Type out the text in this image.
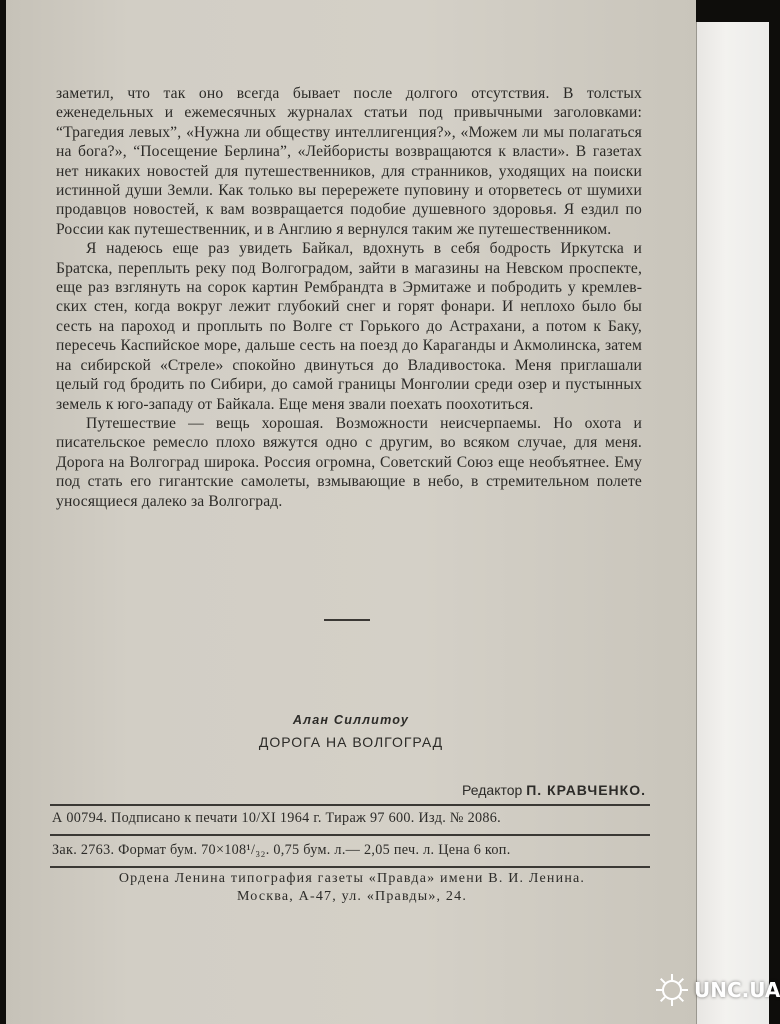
заметил, что так оно всегда бывает после долгого отсутствия. В толстых еженедельных и ежемесячных журналах статьи под привычными заголовками: “Трагедия левых”, «Нужна ли обществу интеллигенция?», «Можем ли мы полагаться на бога?», “Посещение Берлина”, «Лейбористы возвращаются к власти». В газетах нет никаких новостей для путешественников, для странников, уходящих на поиски истинной души Земли. Как только вы перережете пуповину и оторветесь от шумихи продавцов новостей, к вам возвращается подобие душевного здоровья. Я ездил по России как путешественник, и в Англию я вернулся таким же путешественником.

Я надеюсь еще раз увидеть Байкал, вдохнуть в себя бодрость Иркутска и Братска, переплыть реку под Волгоградом, зайти в магазины на Невском проспекте, еще раз взглянуть на сорок картин Рембрандта в Эрмитаже и побродить у кремлевских стен, когда вокруг лежит глубокий снег и горят фонари. И неплохо было бы сесть на пароход и проплыть по Волге ст Горького до Астрахани, а потом к Баку, пересечь Каспийское море, дальше сесть на поезд до Караганды и Акмолинска, затем на сибирской «Стреле» спокойно двинуться до Владивостока. Меня приглашали целый год бродить по Сибири, до самой границы Монголии среди озер и пустынных земель к юго-западу от Байкала. Еще меня звали поехать поохотиться.

Путешествие — вещь хорошая. Возможности неисчерпаемы. Но охота и писательское ремесло плохо вяжутся одно с другим, во всяком случае, для меня. Дорога на Волгоград широка. Россия огромна, Советский Союз еще необъятнее. Ему под стать его гигантские самолеты, взмывающие в небо, в стремительном полете уносящиеся далеко за Волгоград.

Алан Силлитоу
ДОРОГА НА ВОЛГОГРАД
Редактор П. КРАВЧЕНКО.
А 00794. Подписано к печати 10/XI 1964 г. Тираж 97 600. Изд. № 2086.
Зак. 2763. Формат бум. 70×108¹/₃₂. 0,75 бум. л.— 2,05 печ. л. Цена 6 коп.
Ордена Ленина типография газеты «Правда» имени В. И. Ленина.
Москва, А-47, ул. «Правды», 24.
UNC.UA
